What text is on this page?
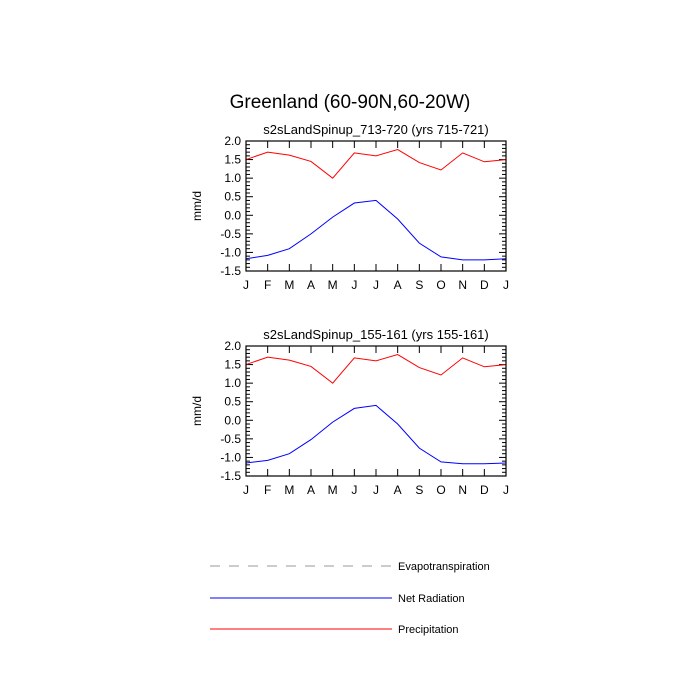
Greenland (60-90N,60-20W)
s2sLandSpinup_713-720 (yrs 715-721)
mm/d
-1.5
-1.0
-0.5
0.0
0.5
1.0
1.5
2.0
J F M A M J J A S O N D J
s2sLandSpinup_155-161 (yrs 155-161)
mm/d
-1.5
-1.0
-0.5
0.0
0.5
1.0
1.5
2.0
J F M A M J J A S O N D J
Evapotranspiration
Net Radiation
Precipitation
